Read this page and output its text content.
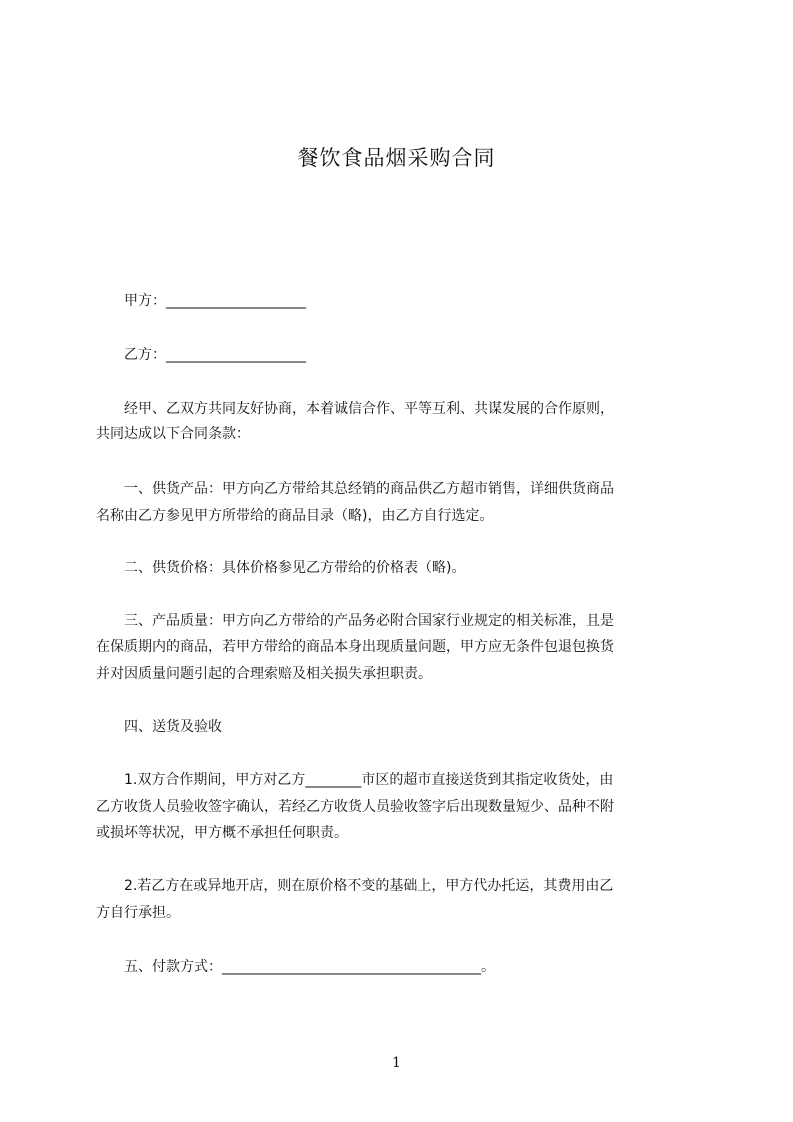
餐饮食品烟采购合同
　　甲方：____________________
　　乙方：____________________
　　经甲、乙双方共同友好协商，本着诚信合作、平等互利、共谋发展的合作原则，
共同达成以下合同条款：
　　一、供货产品：甲方向乙方带给其总经销的商品供乙方超市销售，详细供货商品
名称由乙方参见甲方所带给的商品目录（略)，由乙方自行选定。
　　二、供货价格：具体价格参见乙方带给的价格表（略)。
　　三、产品质量：甲方向乙方带给的产品务必附合国家行业规定的相关标准，且是
在保质期内的商品，若甲方带给的商品本身出现质量问题，甲方应无条件包退包换货
并对因质量问题引起的合理索赔及相关损失承担职责。
　　四、送货及验收
　　1.双方合作期间，甲方对乙方________市区的超市直接送货到其指定收货处，由
乙方收货人员验收签字确认，若经乙方收货人员验收签字后出现数量短少、品种不附
或损坏等状况，甲方概不承担任何职责。
　　2.若乙方在或异地开店，则在原价格不变的基础上，甲方代办托运，其费用由乙
方自行承担。
　　五、付款方式：_____________________________________。
1
